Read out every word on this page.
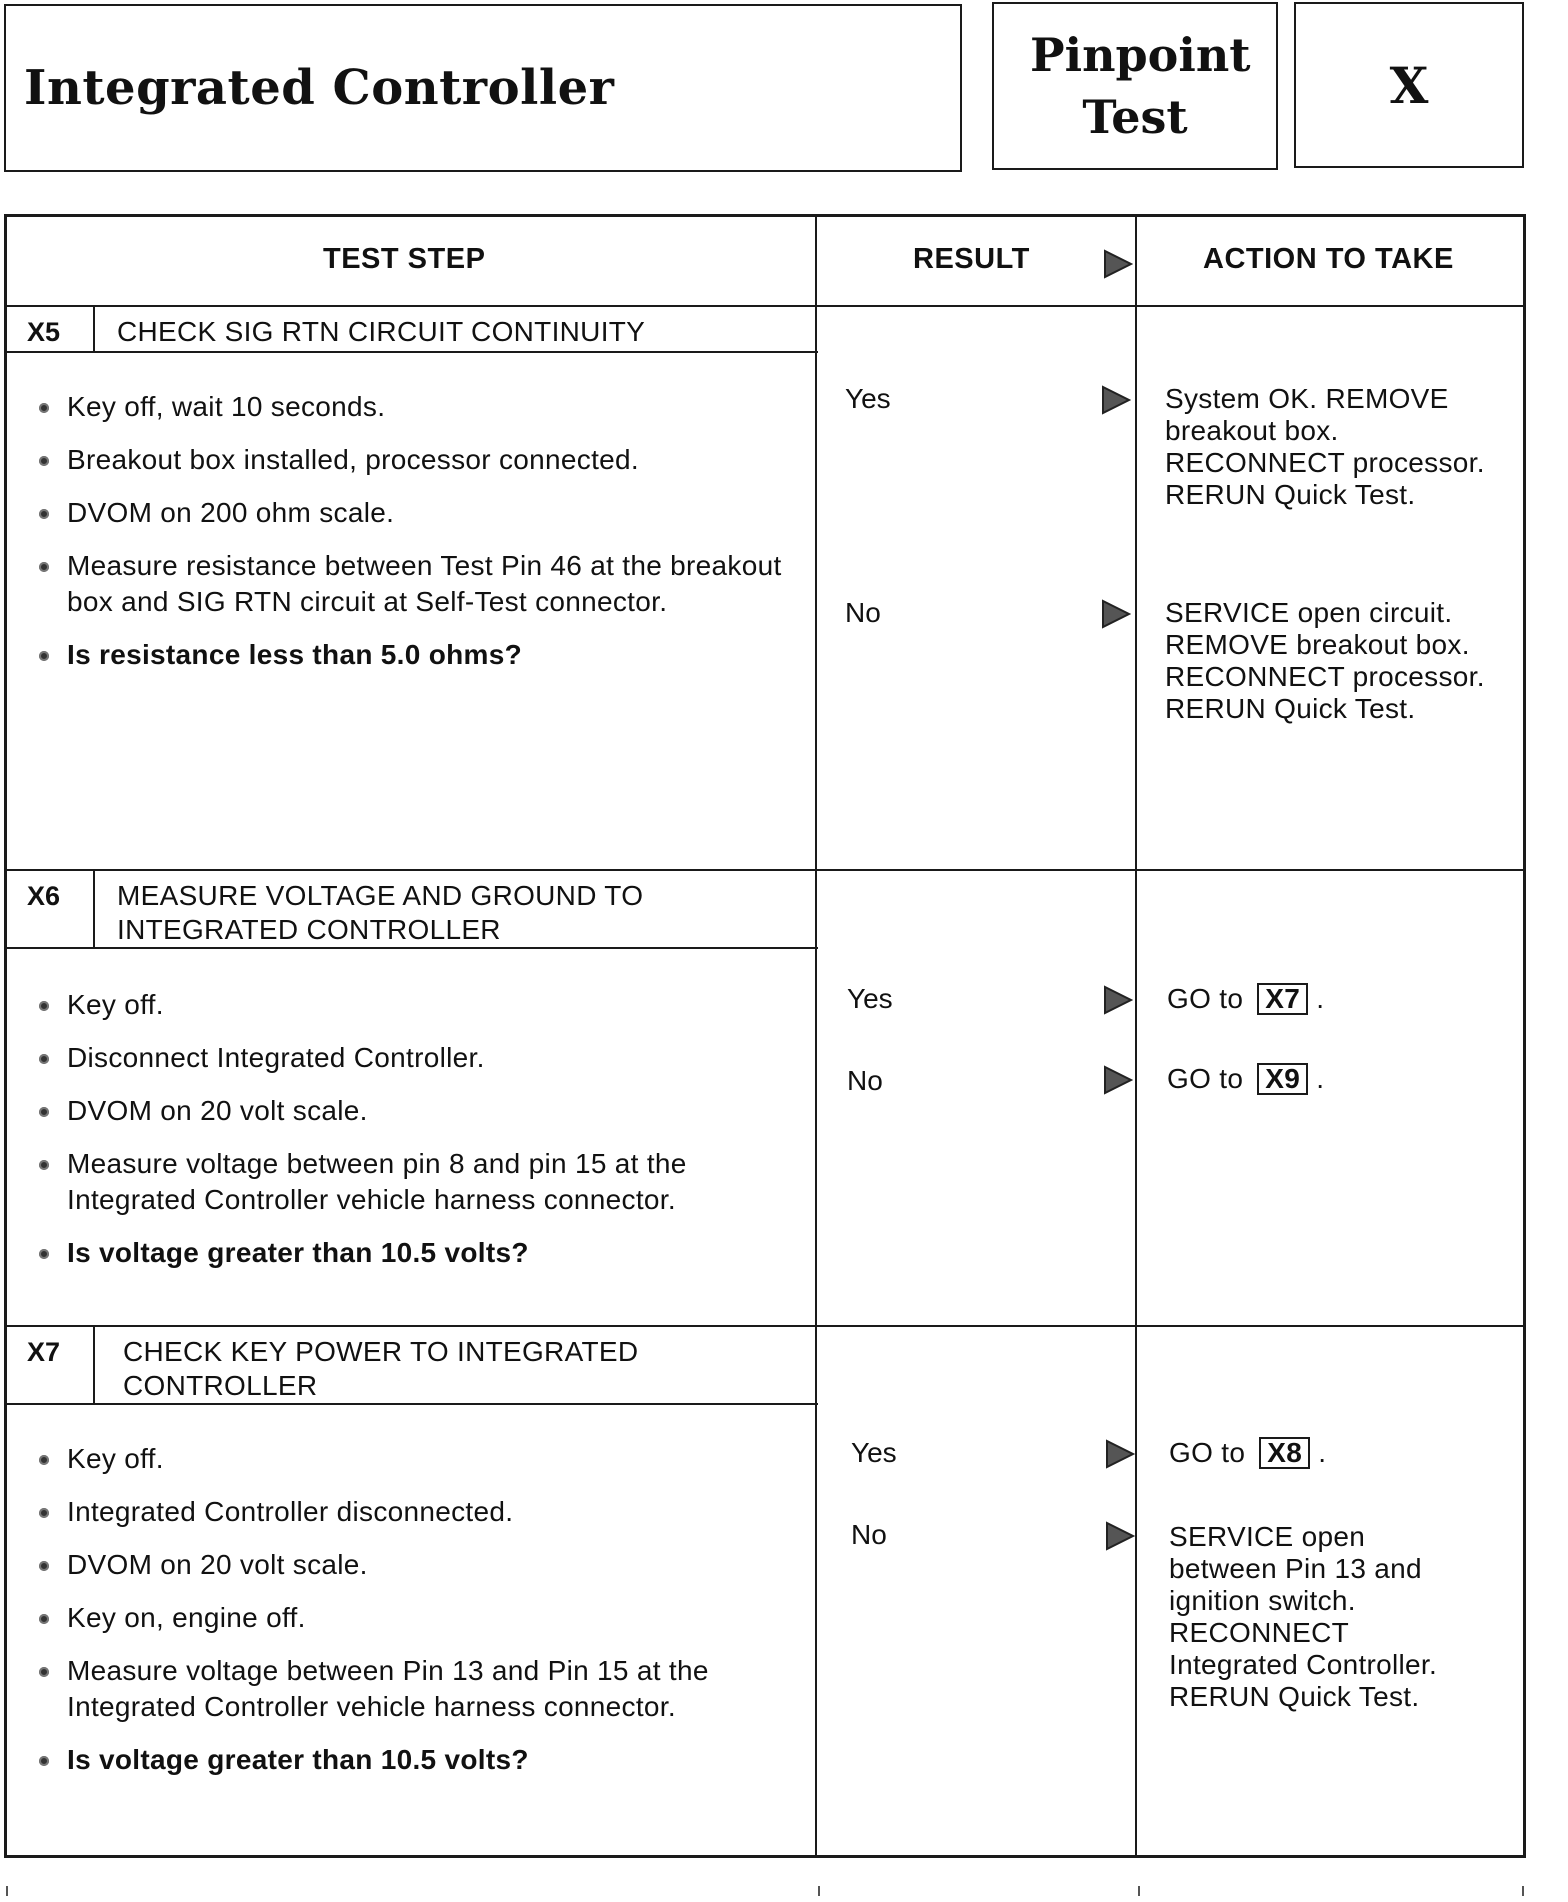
Integrated Controller
Pinpoint
Test
X
TEST STEP	RESULT	ACTION TO TAKE
X5	CHECK SIG RTN CIRCUIT CONTINUITY
Key off, wait 10 seconds.
Breakout box installed, processor connected.
DVOM on 200 ohm scale.
Measure resistance between Test Pin 46 at the breakout box and SIG RTN circuit at Self-Test connector.
Is resistance less than 5.0 ohms?
Yes	System OK. REMOVE breakout box. RECONNECT processor. RERUN Quick Test.
No	SERVICE open circuit. REMOVE breakout box. RECONNECT processor. RERUN Quick Test.
X6	MEASURE VOLTAGE AND GROUND TO INTEGRATED CONTROLLER
Key off.
Disconnect Integrated Controller.
DVOM on 20 volt scale.
Measure voltage between pin 8 and pin 15 at the Integrated Controller vehicle harness connector.
Is voltage greater than 10.5 volts?
Yes	GO to X7 .
No	GO to X9 .
X7	CHECK KEY POWER TO INTEGRATED CONTROLLER
Key off.
Integrated Controller disconnected.
DVOM on 20 volt scale.
Key on, engine off.
Measure voltage between Pin 13 and Pin 15 at the Integrated Controller vehicle harness connector.
Is voltage greater than 10.5 volts?
Yes	GO to X8 .
No	SERVICE open between Pin 13 and ignition switch. RECONNECT Integrated Controller. RERUN Quick Test.
